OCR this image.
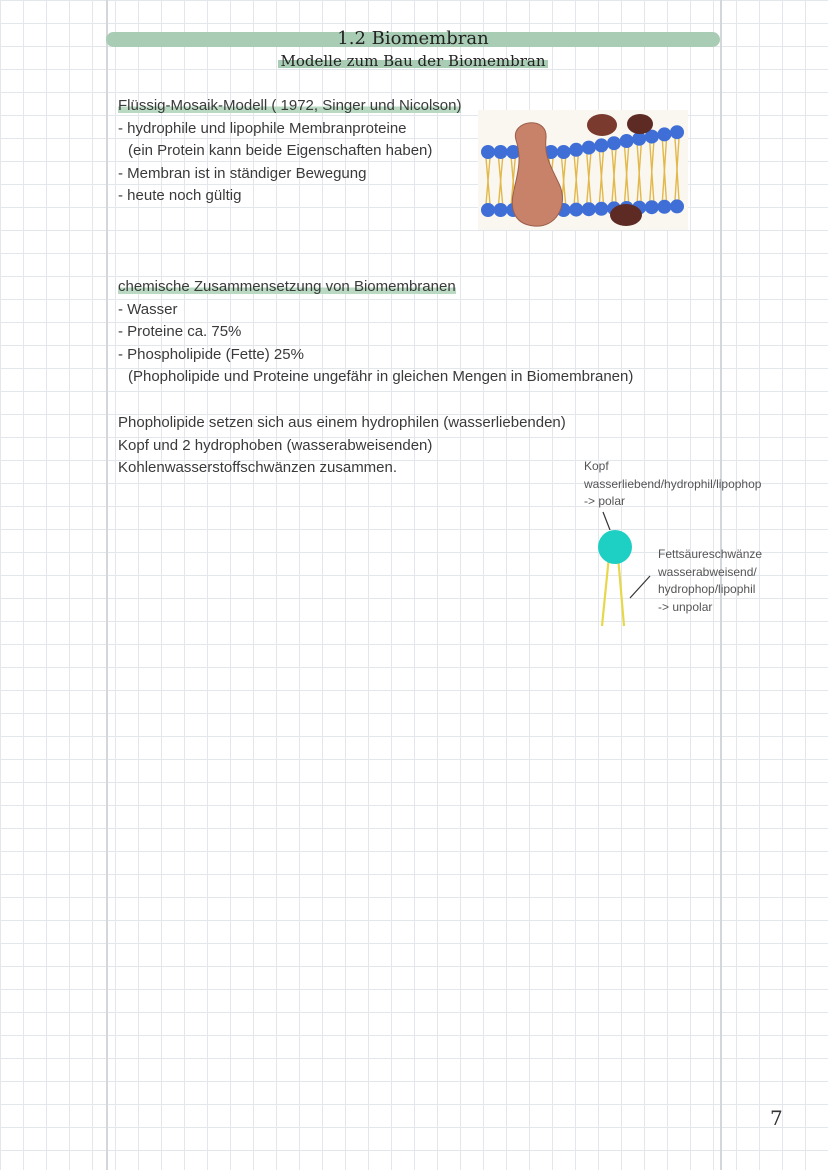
1.2 Biomembran
Modelle zum Bau der Biomembran
Flüssig-Mosaik-Modell ( 1972, Singer und Nicolson)
- hydrophile und lipophile Membranproteine
(ein Protein kann beide Eigenschaften haben)
- Membran ist in ständiger Bewegung
- heute noch gültig
chemische Zusammensetzung von Biomembranen
- Wasser
- Proteine ca. 75%
- Phospholipide (Fette) 25%
(Phopholipide und Proteine ungefähr in gleichen Mengen in Biomembranen)
Phopholipide setzen sich aus einem hydrophilen (wasserliebenden)
Kopf und 2 hydrophoben (wasserabweisenden)
Kohlenwasserstoffschwänzen zusammen.	Kopf
wasserliebend/hydrophil/lipophop
-> polar
Fettsäureschwänze
wasserabweisend/
hydrophop/lipophil
-> unpolar
7
